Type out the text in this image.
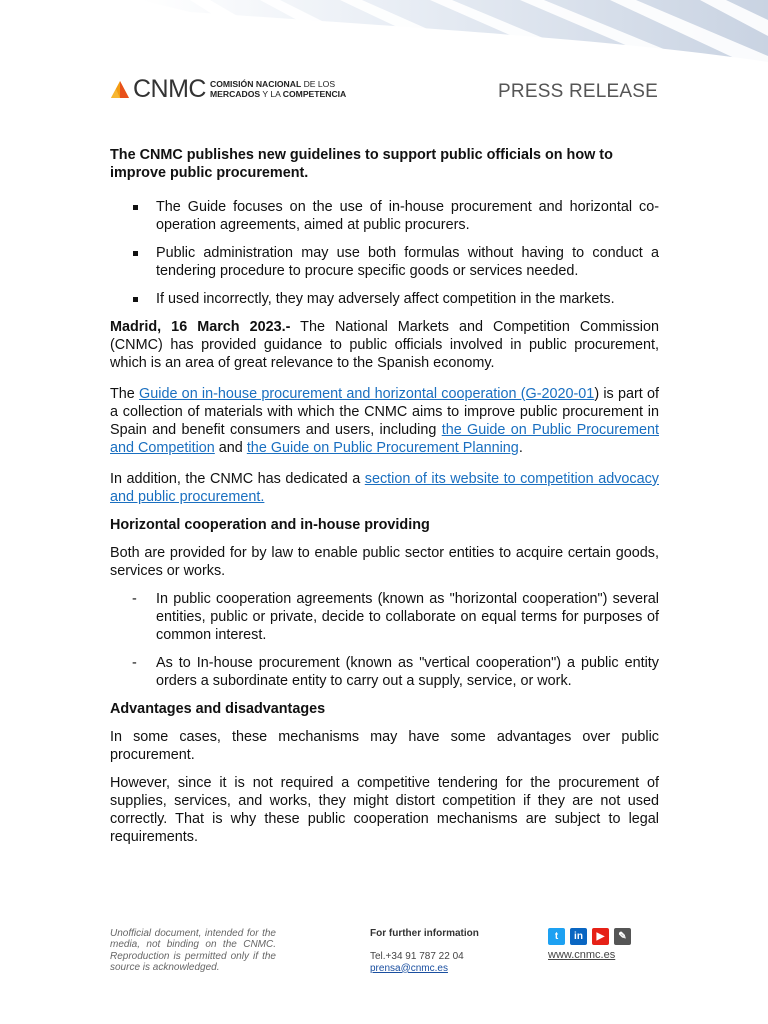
CNMC COMISIÓN NACIONAL DE LOS
MERCADOS Y LA COMPETENCIA	PRESS RELEASE

The CNMC publishes new guidelines to support public officials on how to improve public procurement.

The Guide focuses on the use of in-house procurement and horizontal co-operation agreements, aimed at public procurers.
Public administration may use both formulas without having to conduct a tendering procedure to procure specific goods or services needed.
If used incorrectly, they may adversely affect competition in the markets.

Madrid, 16 March 2023.- The National Markets and Competition Commission (CNMC) has provided guidance to public officials involved in public procurement, which is an area of great relevance to the Spanish economy.

The Guide on in-house procurement and horizontal cooperation (G-2020-01) is part of a collection of materials with which the CNMC aims to improve public procurement in Spain and benefit consumers and users, including the Guide on Public Procurement and Competition and the Guide on Public Procurement Planning.

In addition, the CNMC has dedicated a section of its website to competition advocacy and public procurement.

Horizontal cooperation and in-house providing

Both are provided for by law to enable public sector entities to acquire certain goods, services or works.

- In public cooperation agreements (known as "horizontal cooperation") several entities, public or private, decide to collaborate on equal terms for purposes of common interest.
- As to In-house procurement (known as "vertical cooperation") a public entity orders a subordinate entity to carry out a supply, service, or work.

Advantages and disadvantages

In some cases, these mechanisms may have some advantages over public procurement.

However, since it is not required a competitive tendering for the procurement of supplies, services, and works, they might distort competition if they are not used correctly. That is why these public cooperation mechanisms are subject to legal requirements.

Unofficial document, intended for the media, not binding on the CNMC. Reproduction is permitted only if the source is acknowledged.
For further information
Tel.+34 91 787 22 04
prensa@cnmc.es
t	in	▶	✎
www.cnmc.es
